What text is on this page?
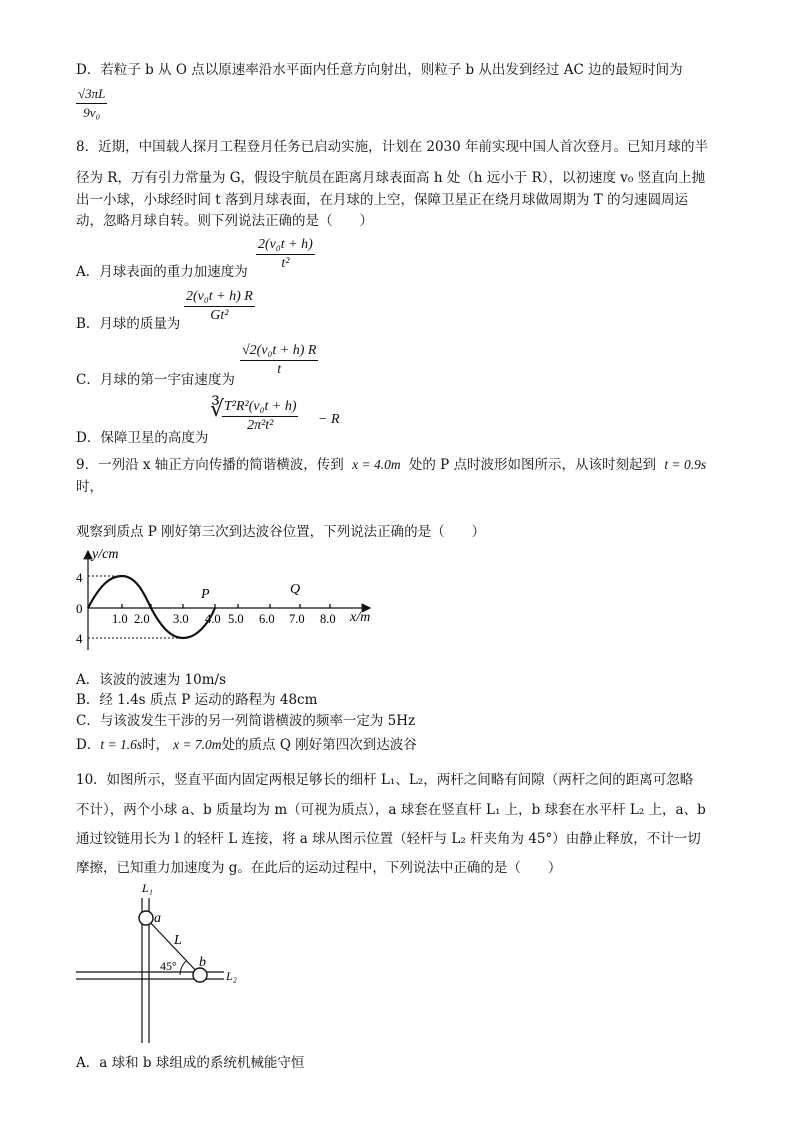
D．若粒子 b 从 O 点以原速率沿水平面内任意方向射出，则粒子 b 从出发到经过 AC 边的最短时间为
$\frac{√3\pi L}{\text{9v₀}}$
8．近期，中国载人探月工程登月任务已启动实施，计划在 2030 年前实现中国人首次登月。已知月球的半
径为 R，万有引力常量为 G，假设宇航员在距离月球表面高 h 处（h 远小于 R），以初速度 v₀ 竖直向上抛
出一小球，小球经时间 t 落到月球表面，在月球的上空，保障卫星正在绕月球做周期为 T 的匀速圆周运
动，忽略月球自转。则下列说法正确的是（　　）
A．月球表面的重力加速度为 $\frac{\text{2(v₀t + h)}}{\text{t²}}$
B．月球的质量为 $\frac{\text{2(v₀t + h) R}}{\text{Gt²}}$
C．月球的第一宇宙速度为
$\frac{\text{√2(v₀t + h) R}}{t}$
D．保障卫星的高度为
∛
$\frac{\text{T²R²(v₀t + h)}}{\text{2π²t²}} - R$
9．一列沿 x 轴正方向传播的简谐横波，传到 x = 4.0m 处的 P 点时波形如图所示，从该时刻起到 t = 0.9s
时，
观察到质点 P 刚好第三次到达波谷位置，下列说法正确的是（　　）
y/cm
x/m
4
0
4
1.0 2.0 3.0 4.0 5.0 6.0 7.0 8.0
P	Q
A．该波的波速为 10m/s
B．经 1.4s 质点 P 运动的路程为 48cm
C．与该波发生干涉的另一列简谐横波的频率一定为 5Hz
D．t = 1.6s时， x = 7.0m处的质点 Q 刚好第四次到达波谷
10．如图所示，竖直平面内固定两根足够长的细杆 L₁、L₂，两杆之间略有间隙（两杆之间的距离可忽略
不计），两个小球 a、b 质量均为 m（可视为质点），a 球套在竖直杆 L₁ 上，b 球套在水平杆 L₂ 上，a、b
通过铰链用长为 l 的轻杆 L 连接，将 a 球从图示位置（轻杆与 L₂ 杆夹角为 45°）由静止释放，不计一切
摩擦，已知重力加速度为 g。在此后的运动过程中，下列说法中正确的是（　　）
L₁
a
L
45° b
L₂
A．a 球和 b 球组成的系统机械能守恒
